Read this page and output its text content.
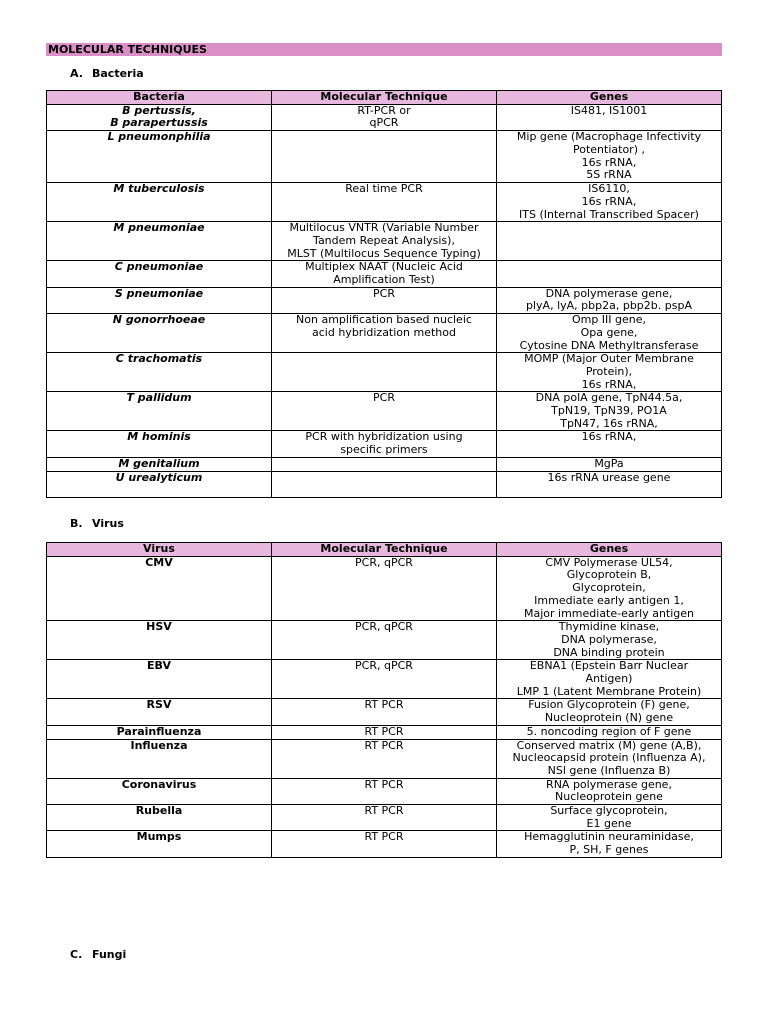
MOLECULAR TECHNIQUES
A. Bacteria
Bacteria	Molecular Technique	Genes

B pertussis,
B parapertussis	RT-PCR or
qPCR	IS481, IS1001

L pneumonphilia		Mip gene (Macrophage Infectivity
Potentiator) ,
16s rRNA,
5S rRNA

M tuberculosis	Real time PCR	IS6110,
16s rRNA,
ITS (Internal Transcribed Spacer)

M pneumoniae	Multilocus VNTR (Variable Number
Tandem Repeat Analysis),
MLST (Multilocus Sequence Typing)	

C pneumoniae	Multiplex NAAT (Nucleic Acid
Amplification Test)	

S pneumoniae	PCR	DNA polymerase gene,
plyA, lyA, pbp2a, pbp2b. pspA

N gonorrhoeae	Non amplification based nucleic
acid hybridization method	Omp III gene,
Opa gene,
Cytosine DNA Methyltransferase

C trachomatis		MOMP (Major Outer Membrane
Protein),
16s rRNA,

T pallidum	PCR	DNA polA gene, TpN44.5a,
TpN19, TpN39, PO1A
TpN47, 16s rRNA,

M hominis	PCR with hybridization using
specific primers	16s rRNA,

M genitalium		MgPa

U urealyticum		16s rRNA urease gene

B. Virus
Virus	Molecular Technique	Genes

CMV	PCR, qPCR	CMV Polymerase UL54,
Glycoprotein B,
Glycoprotein,
Immediate early antigen 1,
Major immediate-early antigen

HSV	PCR, qPCR	Thymidine kinase,
DNA polymerase,
DNA binding protein

EBV	PCR, qPCR	EBNA1 (Epstein Barr Nuclear
Antigen)
LMP 1 (Latent Membrane Protein)

RSV	RT PCR	Fusion Glycoprotein (F) gene,
Nucleoprotein (N) gene

Parainfluenza	RT PCR	5. noncoding region of F gene

Influenza	RT PCR	Conserved matrix (M) gene (A,B),
Nucleocapsid protein (Influenza A),
NSl gene (Influenza B)

Coronavirus	RT PCR	RNA polymerase gene,
Nucleoprotein gene

Rubella	RT PCR	Surface glycoprotein,
E1 gene

Mumps	RT PCR	Hemagglutinin neuraminidase,
P, SH, F genes
C. Fungi
